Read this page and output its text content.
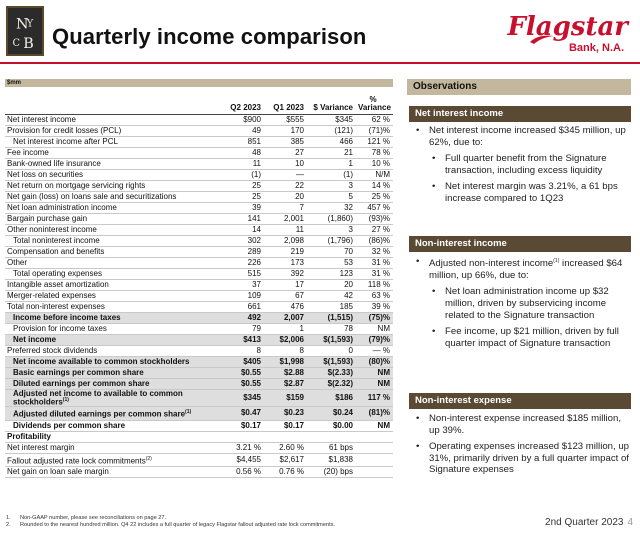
N
Y
C B Quarterly income comparison	Flagstar
Bank, N.A.
$mm
	Q2 2023	Q1 2023	$ Variance	% Variance
Net interest income	$900	$555	$345	62 %
Provision for credit losses (PCL)	49	170	(121)	(71)%
Net interest income after PCL	851	385	466	121 %
Fee income	48	27	21	78 %
Bank-owned life insurance	11	10	1	10 %
Net loss on securities	(1)	—	(1)	N/M
Net return on mortgage servicing rights	25	22	3	14 %
Net gain (loss) on loans sale and securitizations	25	20	5	25 %
Net loan administration income	39	7	32	457 %
Bargain purchase gain	141	2,001	(1,860)	(93)%
Other noninterest income	14	11	3	27 %
Total noninterest income	302	2,098	(1,796)	(86)%
Compensation and benefits	289	219	70	32 %
Other	226	173	53	31 %
Total operating expenses	515	392	123	31 %
Intangible asset amortization	37	17	20	118 %
Merger-related expenses	109	67	42	63 %
Total non-interest expenses	661	476	185	39 %
Income before income taxes	492	2,007	(1,515)	(75)%
Provision for income taxes	79	1	78	NM
Net income	$413	$2,006	$(1,593)	(79)%
Preferred stock dividends	8	8	0	— %
Net income available to common stockholders	$405	$1,998	$(1,593)	(80)%
Basic earnings per common share	$0.55	$2.88	$(2.33)	NM
Diluted earnings per common share	$0.55	$2.87	$(2.32)	NM
Adjusted net income to available to common stockholders$^{(1)}$	$345	$159	$186	117 %
Adjusted diluted earnings per common share$^{(1)}$	$0.47	$0.23	$0.24	(81)%
Dividends per common share	$0.17	$0.17	$0.00	NM
Profitability				
Net interest margin	3.21 %	2.60 %	61 bps	
Fallout adjusted rate lock commitments$^{(2)}$	$4,455	$2,617	$1,838	
Net gain on loan sale margin	0.56 %	0.76 %	(20) bps	
Observations
Net interest income
• Net interest income increased $345 million, up 62%, due to:
• Full quarter benefit from the Signature transaction, including excess liquidity
• Net interest margin was 3.21%, a 61 bps increase compared to 1Q23
Non-interest income
• Adjusted non-interest income$^{(1)}$ increased $64 million, up 66%, due to:
• Net loan administration income up $32 million, driven by subservicing income related to the Signature transaction
• Fee income, up $21 million, driven by full quarter impact of Signature transaction
Non-interest expense
• Non-interest expense increased $185 million, up 39%.
• Operating expenses increased $123 million, up 31%, primarily driven by a full quarter impact of Signature expenses
1. Non-GAAP number, please see reconciliations on page 27.
2. Rounded to the nearest hundred million. Q4 22 includes a full quarter of legacy Flagstar fallout adjusted rate lock commitments.	2nd Quarter 2023 4
